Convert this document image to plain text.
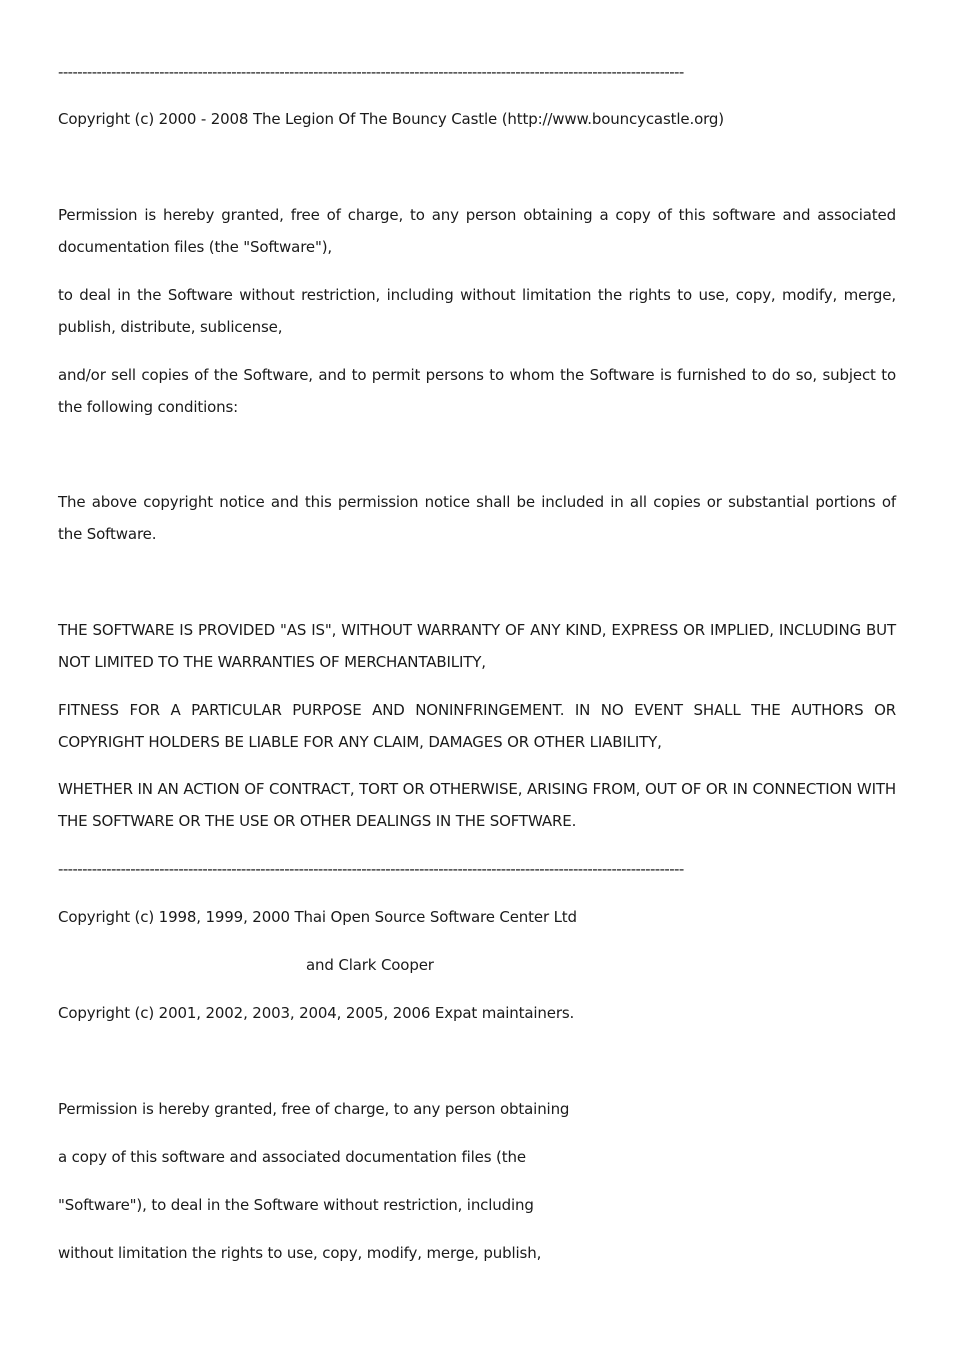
----------------------------------------------------------------------------------------------------------------------------------
Copyright (c) 2000 - 2008 The Legion Of The Bouncy Castle (http://www.bouncycastle.org)
Permission is hereby granted, free of charge, to any person obtaining a copy of this software and associated documentation files (the "Software"),
to deal in the Software without restriction, including without limitation the rights to use, copy, modify, merge, publish, distribute, sublicense,
and/or sell copies of the Software, and to permit persons to whom the Software is furnished to do so, subject to the following conditions:
The above copyright notice and this permission notice shall be included in all copies or substantial portions of the Software.
THE SOFTWARE IS PROVIDED "AS IS", WITHOUT WARRANTY OF ANY KIND, EXPRESS OR IMPLIED, INCLUDING BUT NOT LIMITED TO THE WARRANTIES OF MERCHANTABILITY,
FITNESS FOR A PARTICULAR PURPOSE AND NONINFRINGEMENT. IN NO EVENT SHALL THE AUTHORS OR COPYRIGHT HOLDERS BE LIABLE FOR ANY CLAIM, DAMAGES OR OTHER LIABILITY,
WHETHER IN AN ACTION OF CONTRACT, TORT OR OTHERWISE, ARISING FROM, OUT OF OR IN CONNECTION WITH THE SOFTWARE OR THE USE OR OTHER DEALINGS IN THE SOFTWARE.
----------------------------------------------------------------------------------------------------------------------------------
Copyright (c) 1998, 1999, 2000 Thai Open Source Software Center Ltd
and Clark Cooper
Copyright (c) 2001, 2002, 2003, 2004, 2005, 2006 Expat maintainers.
Permission is hereby granted, free of charge, to any person obtaining
a copy of this software and associated documentation files (the
"Software"), to deal in the Software without restriction, including
without limitation the rights to use, copy, modify, merge, publish,
